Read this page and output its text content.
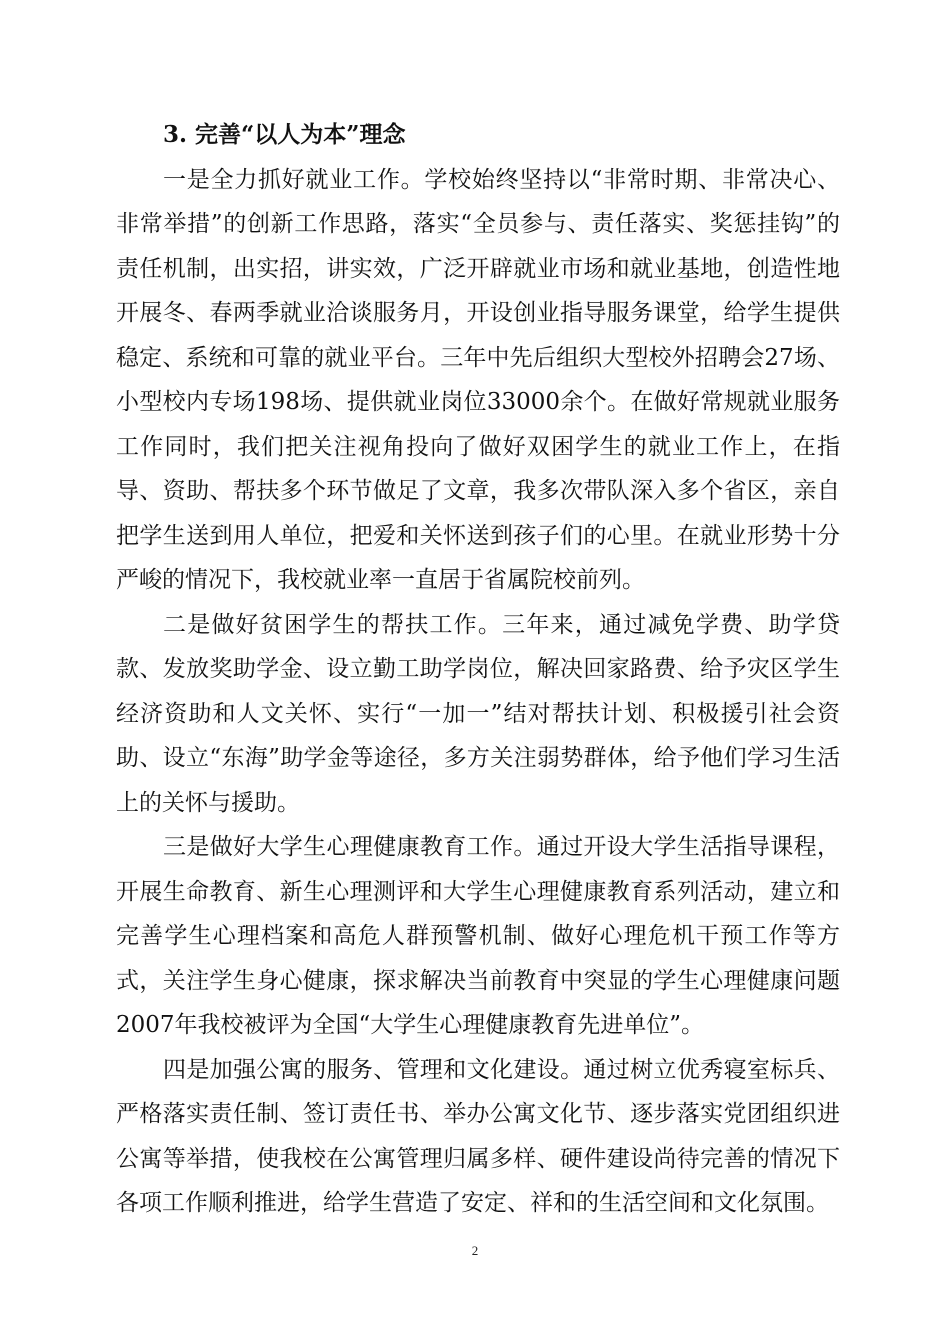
3. 完善“以人为本”理念

一是全力抓好就业工作。学校始终坚持以“非常时期、非常决心、非常举措”的创新工作思路，落实“全员参与、责任落实、奖惩挂钩”的责任机制，出实招，讲实效，广泛开辟就业市场和就业基地，创造性地开展冬、春两季就业洽谈服务月，开设创业指导服务课堂，给学生提供稳定、系统和可靠的就业平台。三年中先后组织大型校外招聘会27场、小型校内专场198场、提供就业岗位33000余个。在做好常规就业服务工作同时，我们把关注视角投向了做好双困学生的就业工作上，在指导、资助、帮扶多个环节做足了文章，我多次带队深入多个省区，亲自把学生送到用人单位，把爱和关怀送到孩子们的心里。在就业形势十分严峻的情况下，我校就业率一直居于省属院校前列。

二是做好贫困学生的帮扶工作。三年来，通过减免学费、助学贷款、发放奖助学金、设立勤工助学岗位，解决回家路费、给予灾区学生经济资助和人文关怀、实行“一加一”结对帮扶计划、积极援引社会资助、设立“东海”助学金等途径，多方关注弱势群体，给予他们学习生活上的关怀与援助。

三是做好大学生心理健康教育工作。通过开设大学生活指导课程，开展生命教育、新生心理测评和大学生心理健康教育系列活动，建立和完善学生心理档案和高危人群预警机制、做好心理危机干预工作等方式，关注学生身心健康，探求解决当前教育中突显的学生心理健康问题2007年我校被评为全国“大学生心理健康教育先进单位”。

四是加强公寓的服务、管理和文化建设。通过树立优秀寝室标兵、严格落实责任制、签订责任书、举办公寓文化节、逐步落实党团组织进公寓等举措，使我校在公寓管理归属多样、硬件建设尚待完善的情况下各项工作顺利推进，给学生营造了安定、祥和的生活空间和文化氛围。

2
